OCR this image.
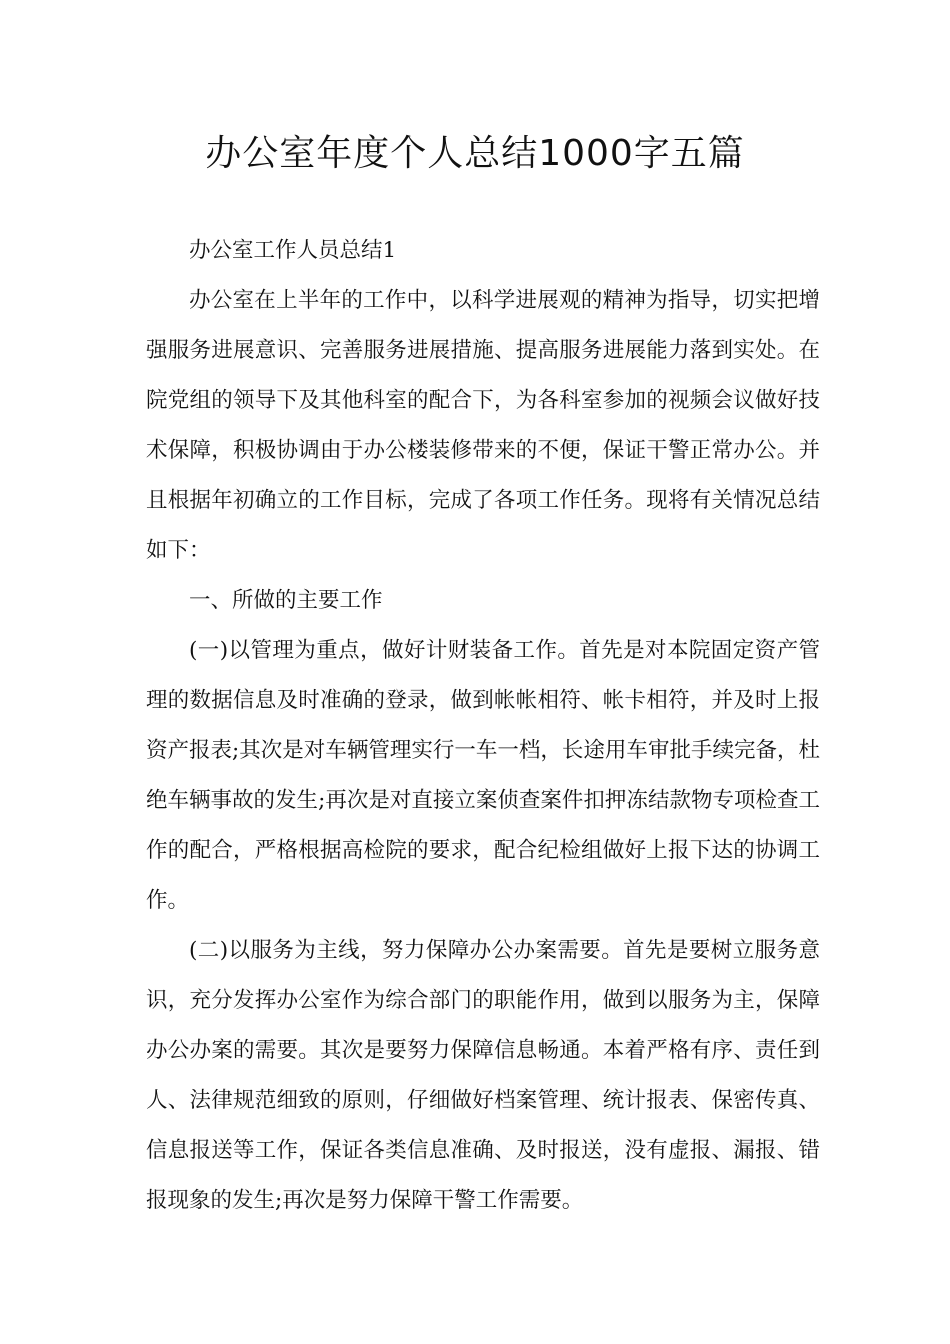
办公室年度个人总结1000字五篇

办公室工作人员总结1

办公室在上半年的工作中，以科学进展观的精神为指导，切实把增强服务进展意识、完善服务进展措施、提高服务进展能力落到实处。在院党组的领导下及其他科室的配合下，为各科室参加的视频会议做好技术保障，积极协调由于办公楼装修带来的不便，保证干警正常办公。并且根据年初确立的工作目标，完成了各项工作任务。现将有关情况总结如下：

一、所做的主要工作

(一)以管理为重点，做好计财装备工作。首先是对本院固定资产管理的数据信息及时准确的登录，做到帐帐相符、帐卡相符，并及时上报资产报表;其次是对车辆管理实行一车一档，长途用车审批手续完备，杜绝车辆事故的发生;再次是对直接立案侦查案件扣押冻结款物专项检查工作的配合，严格根据高检院的要求，配合纪检组做好上报下达的协调工作。

(二)以服务为主线，努力保障办公办案需要。首先是要树立服务意识，充分发挥办公室作为综合部门的职能作用，做到以服务为主，保障办公办案的需要。其次是要努力保障信息畅通。本着严格有序、责任到人、法律规范细致的原则，仔细做好档案管理、统计报表、保密传真、信息报送等工作，保证各类信息准确、及时报送，没有虚报、漏报、错报现象的发生;再次是努力保障干警工作需要。
